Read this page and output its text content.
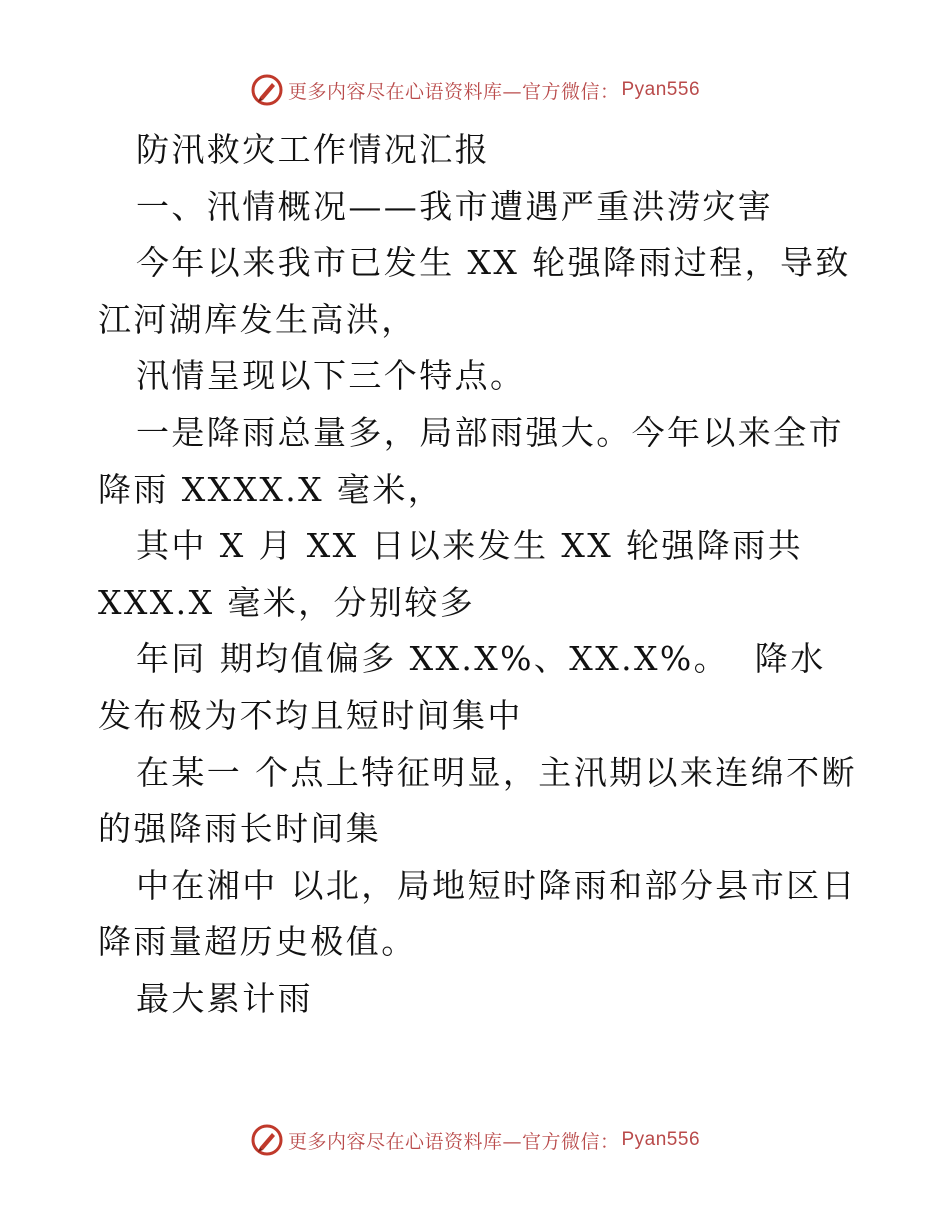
更多内容尽在心语资料库—官方微信： Pyan556

防汛救灾工作情况汇报

一、汛情概况——我市遭遇严重洪涝灾害

今年以来我市已发生 XX 轮强降雨过程，导致江河湖库发生高洪，

汛情呈现以下三个特点。

一是降雨总量多，局部雨强大。今年以来全市降雨 XXXX.X 毫米，

其中 X 月 XX 日以来发生 XX 轮强降雨共

XXX.X 毫米，分别较多

年同 期均值偏多 XX.X%、XX.X%。  降水发布极为不均且短时间集中

在某一 个点上特征明显，主汛期以来连绵不断的强降雨长时间集

中在湘中 以北，局地短时降雨和部分县市区日降雨量超历史极值。

最大累计雨

更多内容尽在心语资料库—官方微信： Pyan556
